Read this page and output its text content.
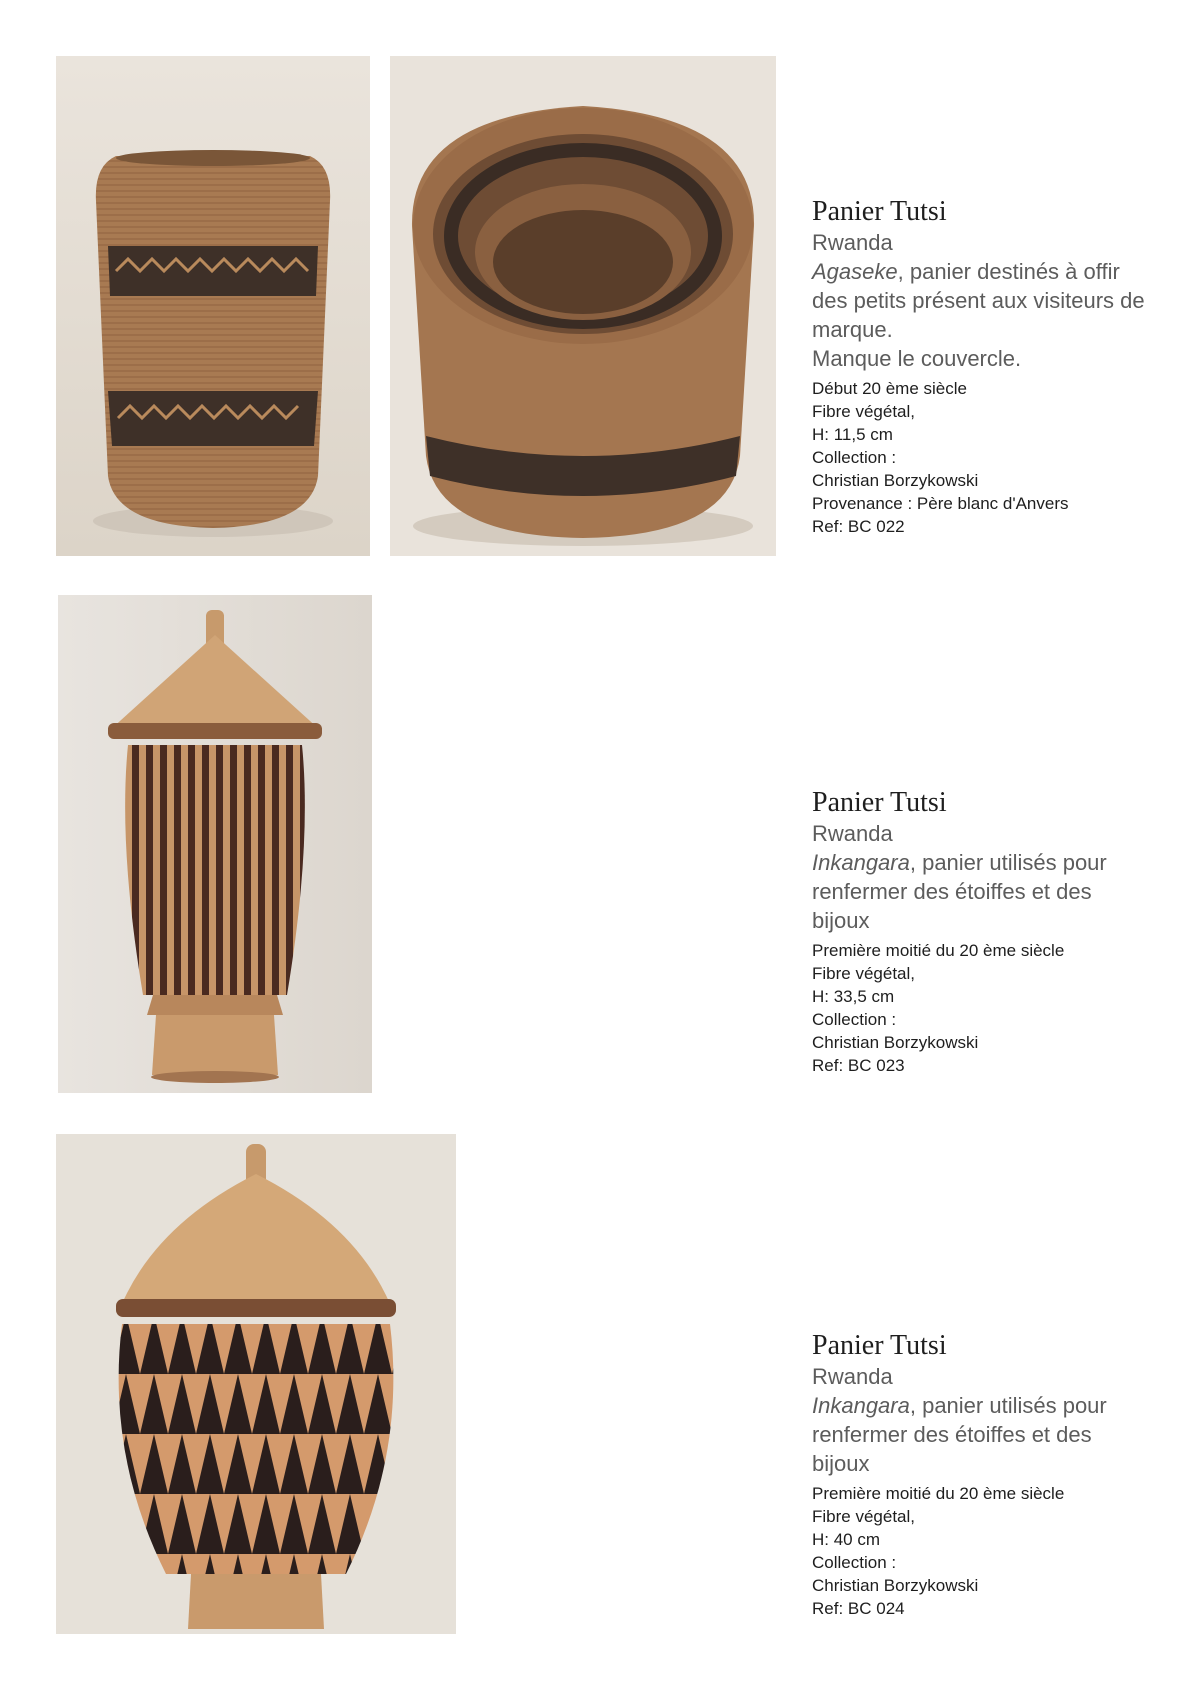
Panier Tutsi
Rwanda
Agaseke, panier destinés à offir des petits présent aux visiteurs de marque.
Manque le couvercle.
Début 20 ème siècle
Fibre végétal,
H: 11,5 cm
Collection :
Christian Borzykowski
Provenance : Père blanc d'Anvers
Ref: BC 022
Panier Tutsi
Rwanda
Inkangara, panier utilisés pour renfermer des étoiffes et des bijoux
Première moitié du 20 ème siècle
Fibre végétal,
H: 33,5 cm
Collection :
Christian Borzykowski
Ref: BC 023
Panier Tutsi
Rwanda
Inkangara, panier utilisés pour renfermer des étoiffes et des bijoux
Première moitié du 20 ème siècle
Fibre végétal,
H: 40 cm
Collection :
Christian Borzykowski
Ref: BC 024
